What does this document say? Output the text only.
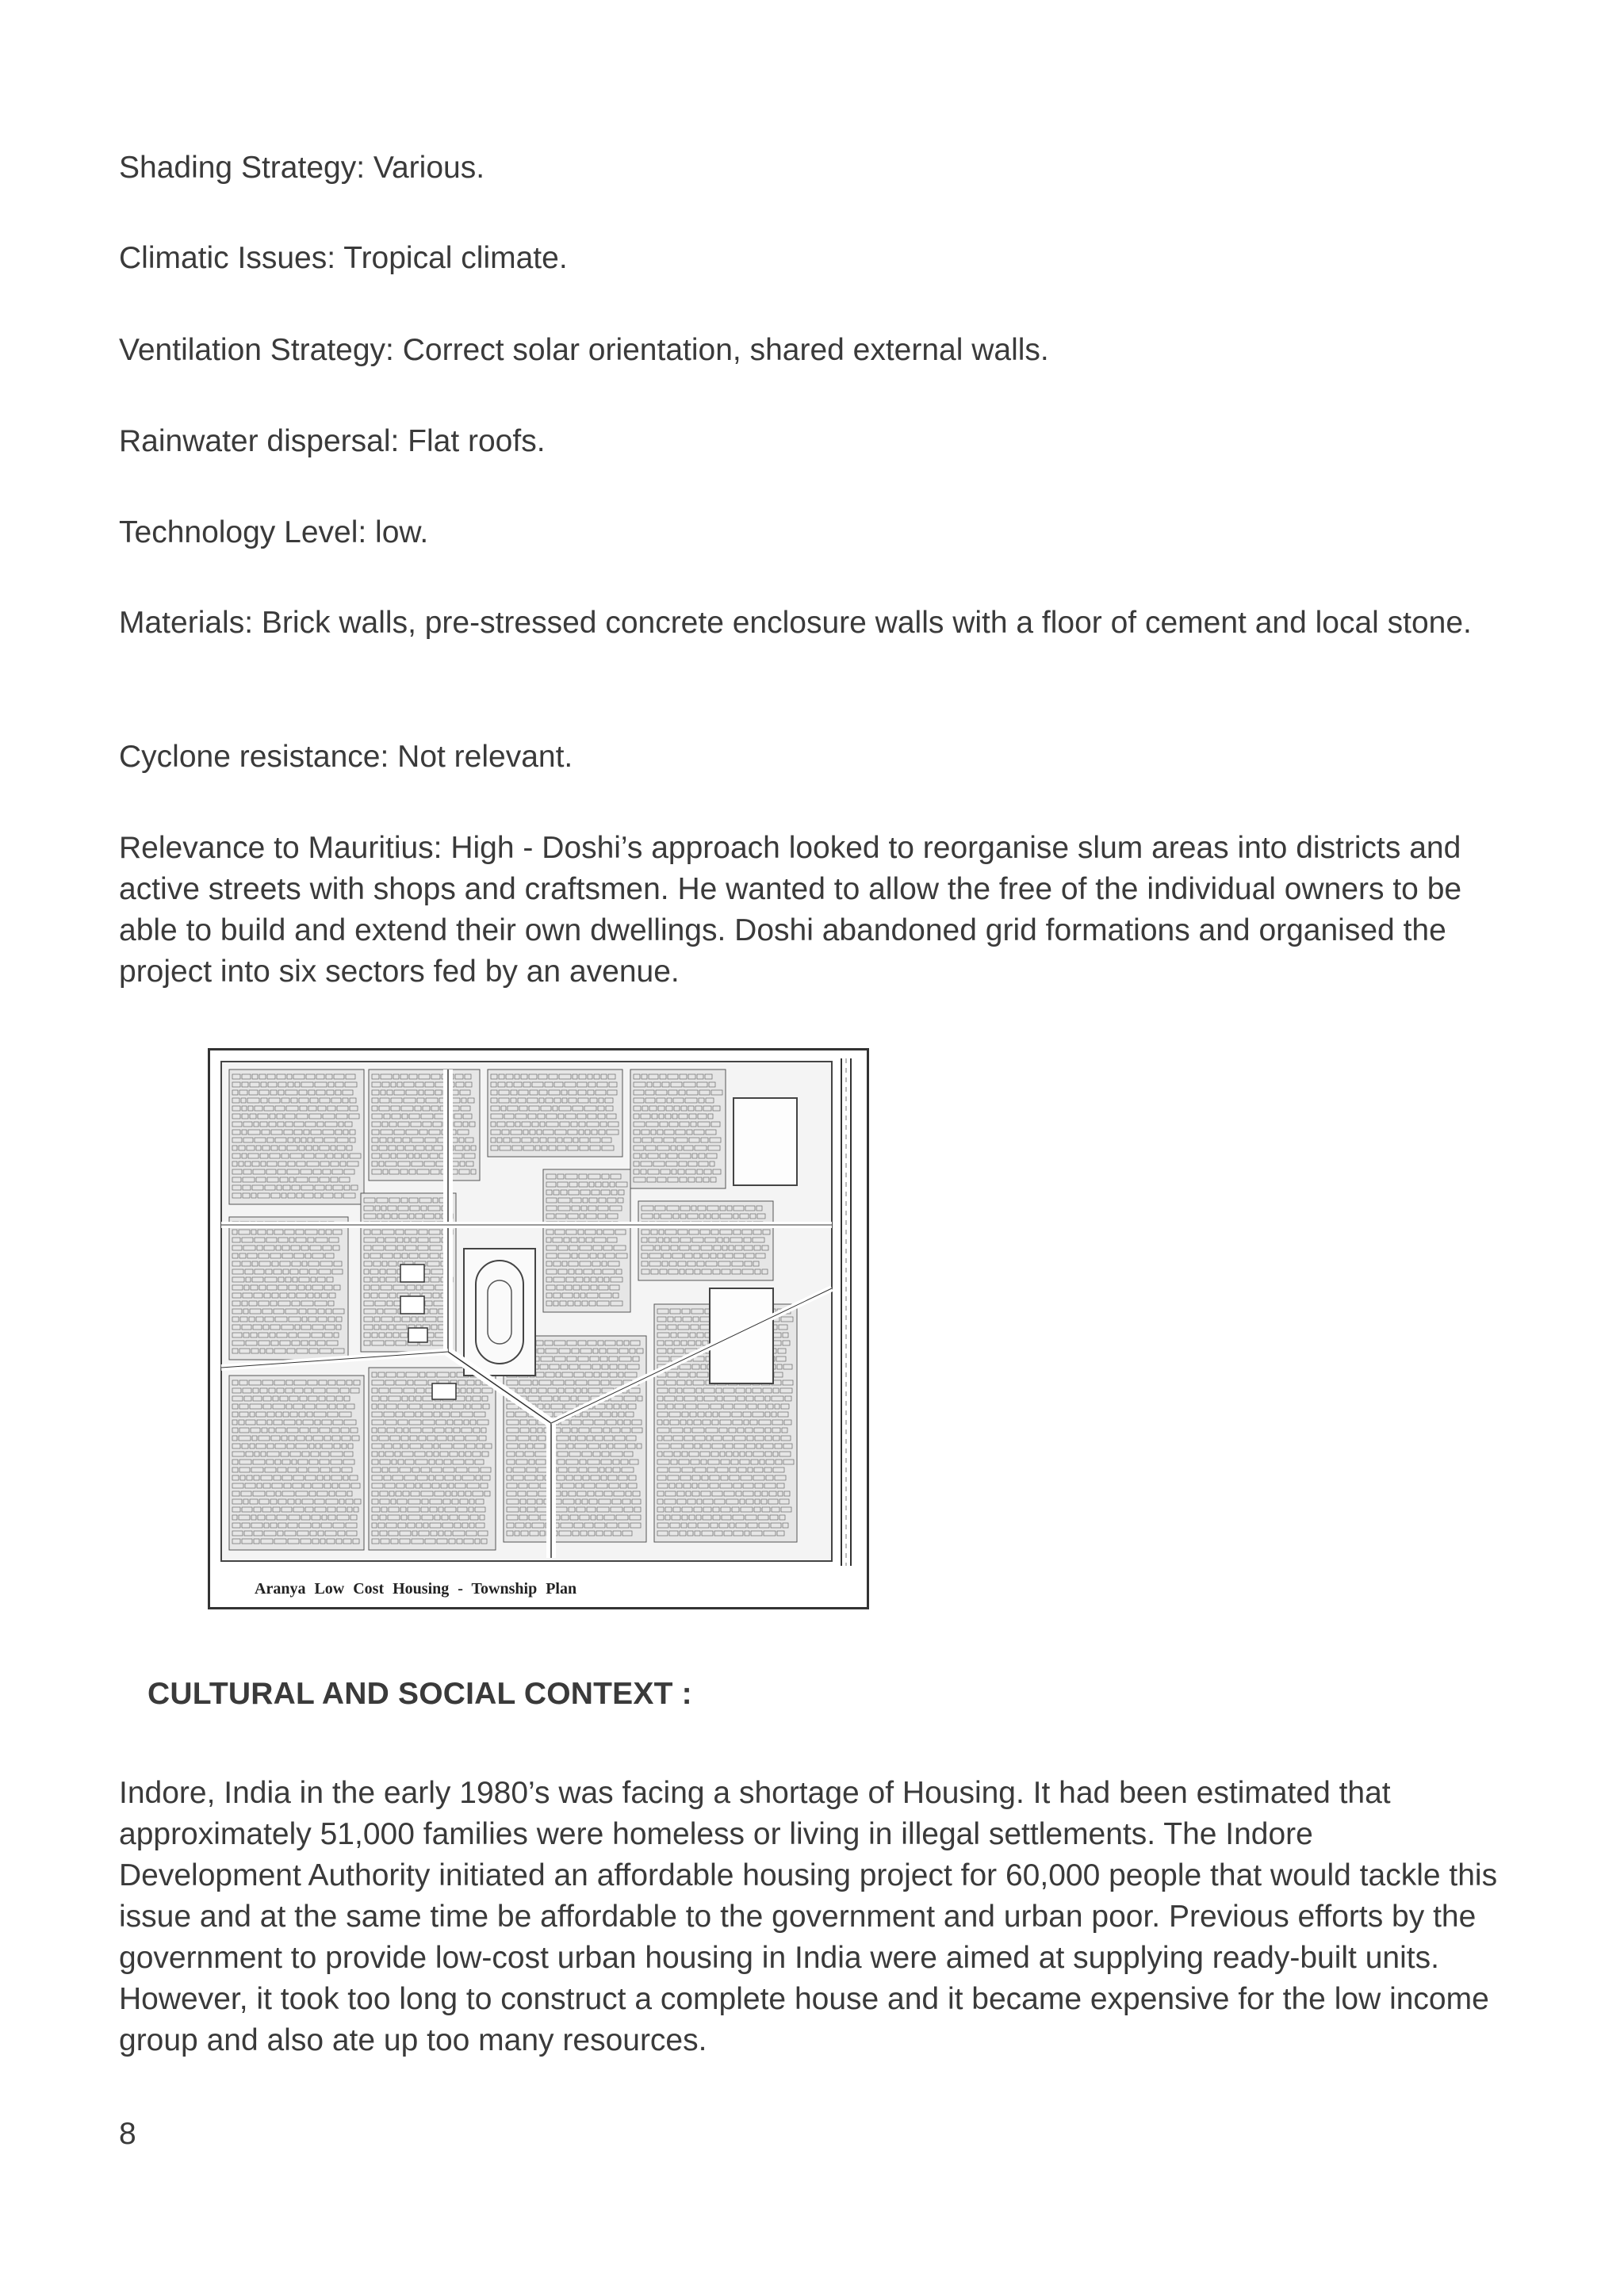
Shading Strategy: Various.

Climatic Issues: Tropical climate.

Ventilation Strategy: Correct solar orientation, shared external walls.

Rainwater dispersal: Flat roofs.

Technology Level: low.

Materials: Brick walls, pre-stressed concrete enclosure walls with a floor of cement and local stone.

Cyclone resistance: Not relevant.

Relevance to Mauritius: High - Doshi’s approach looked to reorganise slum areas into districts and active streets with shops and craftsmen. He wanted to allow the free of the individual owners to be able to build and extend their own dwellings. Doshi abandoned grid formations and organised the project into six sectors fed by an avenue.

Aranya Low Cost Housing - Township Plan

CULTURAL AND SOCIAL CONTEXT :

Indore, India in the early 1980’s was facing a shortage of Housing. It had been estimated that approximately 51,000 families were homeless or living in illegal settlements. The Indore Development Authority initiated an affordable housing project for 60,000 people that would tackle this issue and at the same time be affordable to the government and urban poor. Previous efforts by the government to provide low-cost urban housing in India were aimed at supplying ready-built units. However, it took too long to construct a complete house and it became expensive for the low income group and also ate up too many resources.

8
